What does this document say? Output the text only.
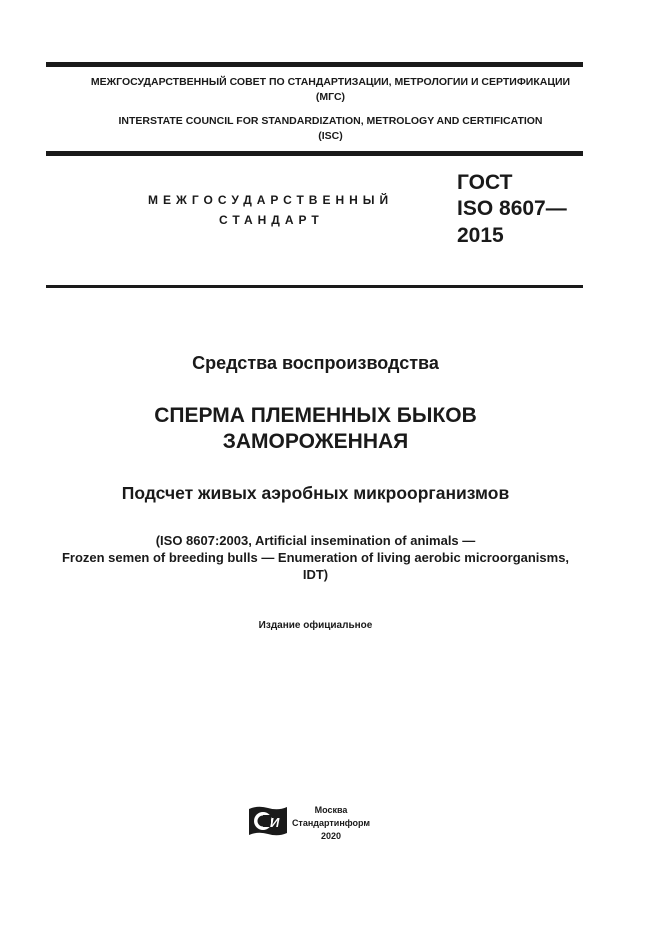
МЕЖГОСУДАРСТВЕННЫЙ СОВЕТ ПО СТАНДАРТИЗАЦИИ, МЕТРОЛОГИИ И СЕРТИФИКАЦИИ
(МГС)
INTERSTATE COUNCIL FOR STANDARDIZATION, METROLOGY AND CERTIFICATION
(ISC)
МЕЖГОСУДАРСТВЕННЫЙ
СТАНДАРТ
ГОСТ
ISO 8607—
2015
Средства воспроизводства
СПЕРМА ПЛЕМЕННЫХ БЫКОВ
ЗАМОРОЖЕННАЯ
Подсчет живых аэробных микроорганизмов
(ISO 8607:2003, Artificial insemination of animals —
Frozen semen of breeding bulls — Enumeration of living aerobic microorganisms,
IDT)
Издание официальное
И
Москва
Стандартинформ
2020
